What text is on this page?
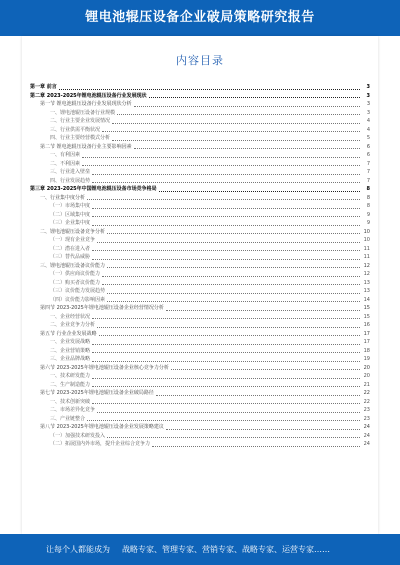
锂电池辊压设备企业破局策略研究报告
内容目录
第一章 前言	3
第二章 2023-2025年锂电池辊压设备行业发展现状	3
第一节 锂电池辊压设备行业发展现状分析	3
一、锂电池辊压设备行业规模	3
二、行业主要企业发展情况	4
三、行业供需平衡状况	4
四、行业主要经营模式分析	5
第二节 锂电池辊压设备行业主要影响因素	6
一、有利因素	6
二、不利因素	7
三、行业进入壁垒	7
四、行业发展趋势	7
第三章 2023-2025年中国锂电池辊压设备市场竞争格局	8
一、行业集中度分析	8
（一）市场集中度	8
（二）区域集中度	9
（三）企业集中度	9
二、锂电池辊压设备竞争分析	10
（一）现有企业竞争	10
（二）潜在进入者	11
（三）替代品威胁	11
三、锂电池辊压设备议价能力	12
（一）供应商议价能力	12
（二）购买者议价能力	13
（三）议价能力发展趋势	13
（四）议价能力影响因素	14
第四节 2023-2025年锂电池辊压设备企业经营情况分析	15
一、企业经营状况	15
二、企业竞争力分析	16
第五节 行业企业发展战略	17
一、企业发展战略	17
二、企业营销策略	18
三、企业品牌战略	19
第六节 2023-2025年锂电池辊压设备企业核心竞争力分析	20
一、技术研发能力	20
二、生产制造能力	21
第七节 2023-2025年锂电池辊压设备企业破局路径	22
一、技术创新突破	22
二、市场差异化竞争	23
三、产业链整合	23
第八节 2023-2025年锂电池辊压设备企业发展策略建议	24
（一）加强技术研发投入	24
（二）拓展国内外市场，提升企业综合竞争力	24
让每个人都能成为 战略专家、管理专家、营销专家、战略专家、运营专家……
